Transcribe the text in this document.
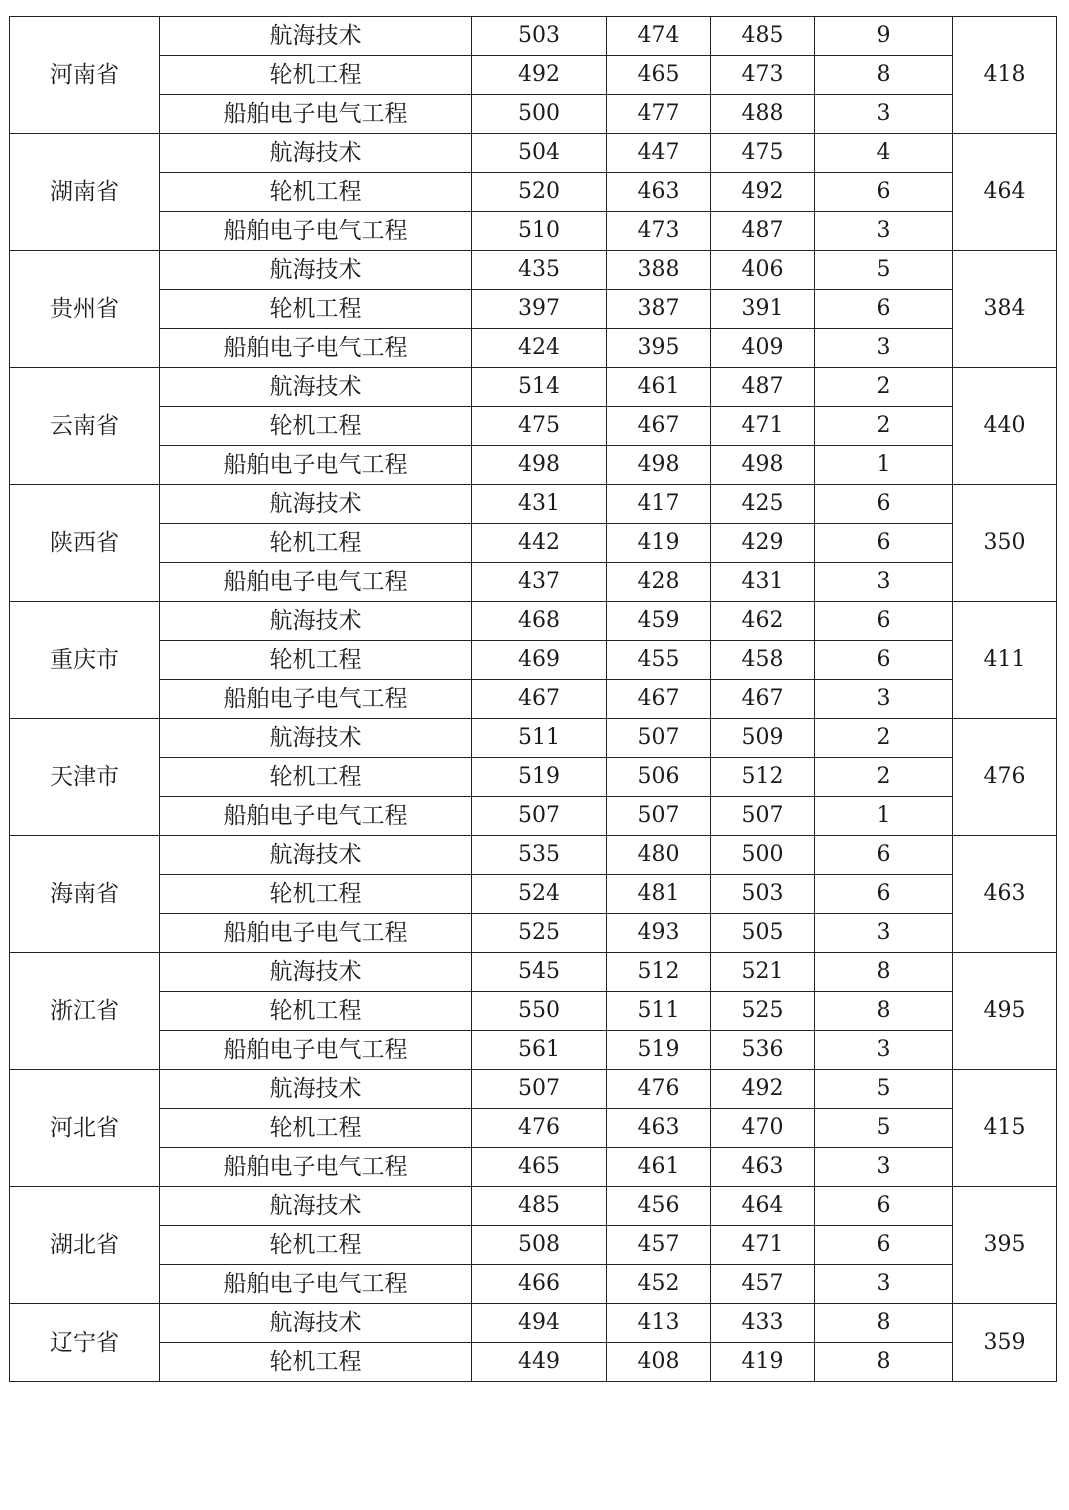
河南省	航海技术	503	474	485	9	418
	轮机工程	492	465	473	8	
	船舶电子电气工程	500	477	488	3	
湖南省	航海技术	504	447	475	4	464
	轮机工程	520	463	492	6	
	船舶电子电气工程	510	473	487	3	
贵州省	航海技术	435	388	406	5	384
	轮机工程	397	387	391	6	
	船舶电子电气工程	424	395	409	3	
云南省	航海技术	514	461	487	2	440
	轮机工程	475	467	471	2	
	船舶电子电气工程	498	498	498	1	
陕西省	航海技术	431	417	425	6	350
	轮机工程	442	419	429	6	
	船舶电子电气工程	437	428	431	3	
重庆市	航海技术	468	459	462	6	411
	轮机工程	469	455	458	6	
	船舶电子电气工程	467	467	467	3	
天津市	航海技术	511	507	509	2	476
	轮机工程	519	506	512	2	
	船舶电子电气工程	507	507	507	1	
海南省	航海技术	535	480	500	6	463
	轮机工程	524	481	503	6	
	船舶电子电气工程	525	493	505	3	
浙江省	航海技术	545	512	521	8	495
	轮机工程	550	511	525	8	
	船舶电子电气工程	561	519	536	3	
河北省	航海技术	507	476	492	5	415
	轮机工程	476	463	470	5	
	船舶电子电气工程	465	461	463	3	
湖北省	航海技术	485	456	464	6	395
	轮机工程	508	457	471	6	
	船舶电子电气工程	466	452	457	3	
辽宁省	航海技术	494	413	433	8	359
	轮机工程	449	408	419	8	
